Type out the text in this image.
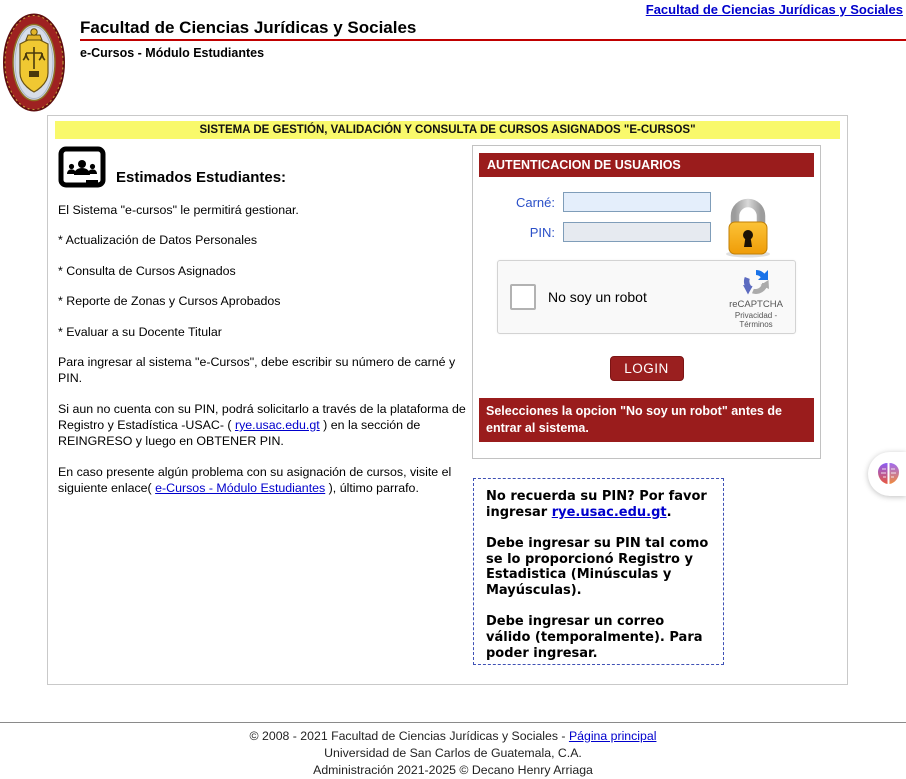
Facultad de Ciencias Jurídicas y Sociales
Facultad de Ciencias Jurídicas y Sociales
e-Cursos - Módulo Estudiantes
SISTEMA DE GESTIÓN, VALIDACIÓN Y CONSULTA DE CURSOS ASIGNADOS "E-CURSOS"
Estimados Estudiantes:

El Sistema "e-cursos" le permitirá gestionar.

* Actualización de Datos Personales

* Consulta de Cursos Asignados

* Reporte de Zonas y Cursos Aprobados

* Evaluar a su Docente Titular

Para ingresar al sistema "e-Cursos", debe escribir su número de carné y PIN.

Si aun no cuenta con su PIN, podrá solicitarlo a través de la plataforma de Registro y Estadística -USAC- ( rye.usac.edu.gt ) en la sección de REINGRESO y luego en OBTENER PIN.

En caso presente algún problema con su asignación de cursos, visite el siguiente enlace( e-Cursos - Módulo Estudiantes ), último parrafo.

AUTENTICACION DE USUARIOS
Carné:
PIN:
No soy un robot	reCAPTCHA
Privacidad - Términos
LOGIN
Selecciones la opcion "No soy un robot" antes de entrar al sistema.

No recuerda su PIN? Por favor ingresar rye.usac.edu.gt.

Debe ingresar su PIN tal como se lo proporcionó Registro y Estadistica (Minúsculas y Mayúsculas).

Debe ingresar un correo válido (temporalmente). Para poder ingresar.

© 2008 - 2021 Facultad de Ciencias Jurídicas y Sociales - Página principal
Universidad de San Carlos de Guatemala, C.A.
Administración 2021-2025 © Decano Henry Arriaga
